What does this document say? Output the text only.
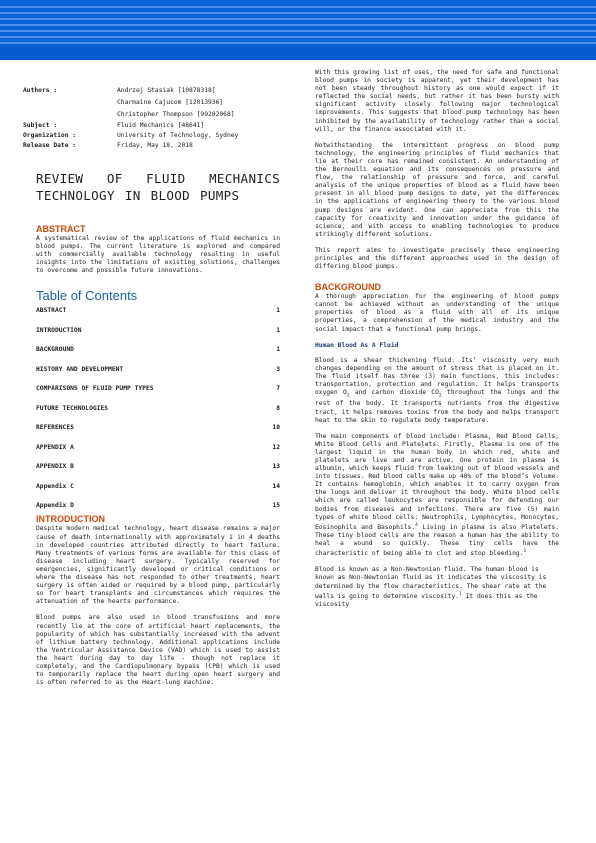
Authors :	Andrzej Stasiak [10878318]
Charmaine Cajucom [12013936]
Christopher Thompson [99202068]
Subject :	Fluid Mechanics [48641]
Organization :	University of Technology, Sydney
Release Date :	Friday, May 18, 2018
REVIEW OF FLUID MECHANICS
TECHNOLOGY IN BLOOD PUMPS
ABSTRACT

A systematical review of the applications of fluid mechanics in blood pumps. The current literature is explored and compared with commercially available technology resulting in useful insights into the limitations of existing solutions, challenges to overcome and possible future innovations.

Table of Contents
ABSTRACT	1
INTRODUCTION	1
BACKGROUND	1
HISTORY AND DEVELOPMENT	3
COMPARISONS OF FLUID PUMP TYPES	7
FUTURE TECHNOLOGIES	8
REFERENCES	10
APPENDIX A	12
APPENDIX B	13
Appendix C	14
Appendix D	15
INTRODUCTION

Despite modern medical technology, heart disease remains a major cause of death internationally with approximately 1 in 4 deaths in developed countries attributed directly to heart failure. Many treatments of various forms are available for this class of disease including heart surgery. Typically reserved for emergencies, significantly developed or critical conditions or where the disease has not responded to other treatments, heart surgery is often aided or required by a blood pump, particularly so for heart transplants and circumstances which requires the attenuation of the hearts performance.

Blood pumps are also used in blood transfusions and more recently lie at the core of artificial heart replacements, the popularity of which has substantially increased with the advent of lithium battery technology. Additional applications include the Ventricular Assistance Device (VAD) which is used to assist the heart during day to day life - though not replace it completely, and the Cardiopulmonary bypass (CPB) which is used to temporarily replace the heart during open heart surgery and is often referred to as the Heart-lung machine.

With this growing list of uses, the need for safe and functional blood pumps in society is apparent, yet their development has not been steady throughout history as one would expect if it reflected the social needs, but rather it has been bursty with significant activity closely following major technological improvements. This suggests that blood pump technology has been inhibited by the availability of technology rather than a social will, or the finance associated with it.

Notwithstanding the intermittent progress on blood pump technology, the engineering principles of fluid mechanics that lie at their core has remained consistent. An understanding of the Bernoulli equation and its consequences on pressure and flow, the relationship of pressure and force, and careful analysis of the unique properties of blood as a fluid have been present in all blood pump designs to date, yet the differences in the applications of engineering theory to the various blood pump designs are evident. One can appreciate from this the capacity for creativity and innovation under the guidance of science, and with access to enabling technologies to produce strikingly different solutions.

This report aims to investigate precisely these engineering principles and the different approaches used in the design of differing blood pumps.

BACKGROUND

A thorough appreciation for the engineering of blood pumps cannot be achieved without an understanding of the unique properties of blood as a fluid with all of its unique properties, a comprehension of the medical industry and the social impact that a functional pump brings.

Human Blood As A Fluid

Blood is a shear thickening fluid. Its’ viscosity very much changes depending on the amount of stress that is placed on it. The fluid itself has three (3) main functions, this includes: transportation, protection and regulation. It helps transports oxygen $O_2$ and carbon dioxide $CO_2$ throughout the lungs and the rest of the body. It transports nutrients from the digestive tract, it helps removes toxins from the body and helps transport heat to the skin to regulate body temperature.

The main components of blood include: Plasma, Red Blood Cells, White Blood Cells and Platelets. Firstly, Plasma is one of the largest liquid in the human body in which red, white and platelets are live and are active. One protein in plasma is albumin, which keeps fluid from leaking out of blood vessels and into tissues. Red blood cells make up 40% of the blood’s volume. It contains hemoglobin, which enables it to carry oxygen from the lungs and deliver it throughout the body. White blood cells which are called leukocytes are responsible for defending our bodies from diseases and infections. There are five (5) main types of white blood cells: Neutrophils, Lymphocytes, Monocytes, Eosinophils and Basophils.$^4$ Living in plasma is also Platelets. These tiny blood cells are the reason a human has the ability to heal a wound so quickly. These tiny cells have the characteristic of being able to clot and stop bleeding.$^1$

Blood is known as a Non-Newtonian fluid. The human blood is known as Non-Newtonian fluid as it indicates the viscosity is determined by the flow characteristics. The shear rate at the walls is going to determine viscosity.$^1$ It does this as the viscosity
